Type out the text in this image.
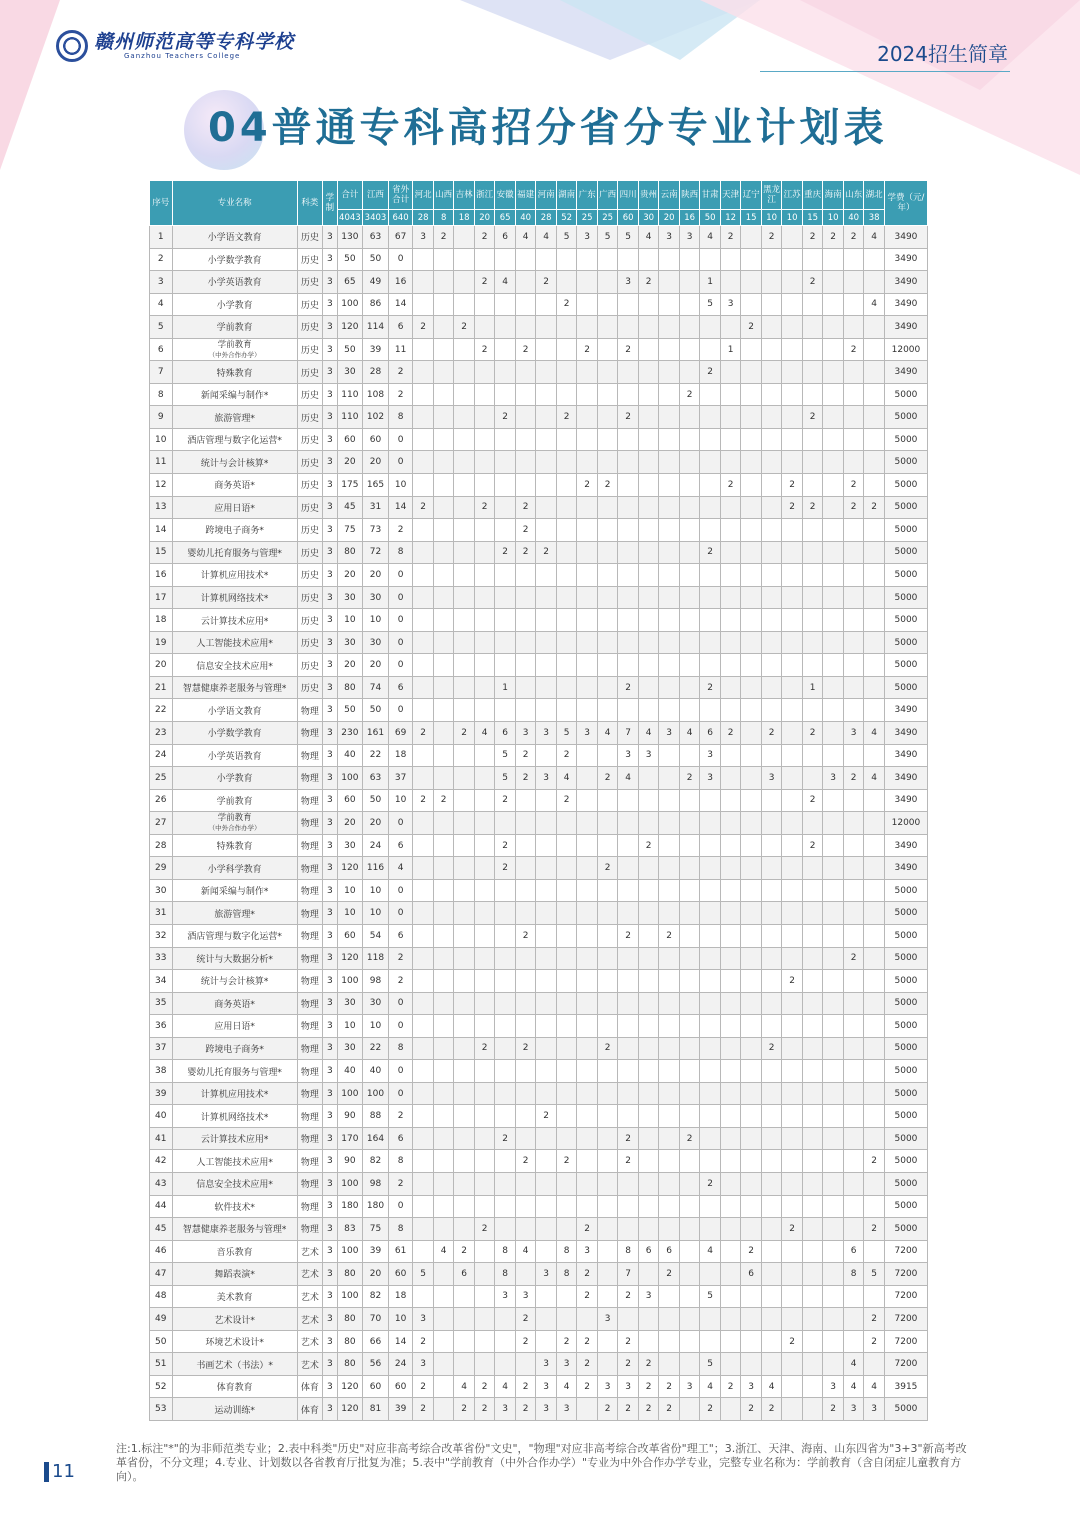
赣州师范高等专科学校
Ganzhou Teachers College	2024招生简章
04普通专科高招分省分专业计划表
序号	专业名称	科类	学制	合计	江西	省外合计	河北	山西	吉林	浙江	安徽	福建	河南	湖南	广东	广西	四川	贵州	云南	陕西	甘肃	天津	辽宁	黑龙江	江苏	重庆	海南	山东	湖北	学费（元/年）
				4043	3403	640	28	8	18	20	65	40	28	52	25	25	60	30	20	16	50	12	15	10	10	15	10	40	38	
1	小学语文教育	历史	3	130	63	67	3	2		2	6	4	4	5	3	5	5	4	3	3	4	2		2		2	2	2	4	3490
2	小学数学教育	历史	3	50	50	0																								3490
3	小学英语教育	历史	3	65	49	16				2	4		2				3	2			1					2				3490
4	小学教育	历史	3	100	86	14								2							5	3							4	3490
5	学前教育	历史	3	120	114	6	2		2														2							3490
6	学前教育
（中外合作办学）	历史	3	50	39	11				2		2			2		2					1						2		12000
7	特殊教育	历史	3	30	28	2															2									3490
8	新闻采编与制作*	历史	3	110	108	2														2										5000
9	旅游管理*	历史	3	110	102	8					2			2			2									2				5000
10	酒店管理与数字化运营*	历史	3	60	60	0																								5000
11	统计与会计核算*	历史	3	20	20	0																								5000
12	商务英语*	历史	3	175	165	10									2	2						2			2			2		5000
13	应用日语*	历史	3	45	31	14	2			2		2													2	2		2	2	5000
14	跨境电子商务*	历史	3	75	73	2						2																		5000
15	婴幼儿托育服务与管理*	历史	3	80	72	8					2	2	2								2									5000
16	计算机应用技术*	历史	3	20	20	0																								5000
17	计算机网络技术*	历史	3	30	30	0																								5000
18	云计算技术应用*	历史	3	10	10	0																								5000
19	人工智能技术应用*	历史	3	30	30	0																								5000
20	信息安全技术应用*	历史	3	20	20	0																								5000
21	智慧健康养老服务与管理*	历史	3	80	74	6					1						2				2					1				5000
22	小学语文教育	物理	3	50	50	0																								3490
23	小学数学教育	物理	3	230	161	69	2		2	4	6	3	3	5	3	4	7	4	3	4	6	2		2		2		3	4	3490
24	小学英语教育	物理	3	40	22	18					5	2		2			3	3			3									3490
25	小学教育	物理	3	100	63	37					5	2	3	4		2	4			2	3			3			3	2	4	3490
26	学前教育	物理	3	60	50	10	2	2			2			2												2				3490
27	学前教育
（中外合作办学）	物理	3	20	20	0																								12000
28	特殊教育	物理	3	30	24	6					2							2								2				3490
29	小学科学教育	物理	3	120	116	4					2					2														3490
30	新闻采编与制作*	物理	3	10	10	0																								5000
31	旅游管理*	物理	3	10	10	0																								5000
32	酒店管理与数字化运营*	物理	3	60	54	6						2					2		2											5000
33	统计与大数据分析*	物理	3	120	118	2																						2		5000
34	统计与会计核算*	物理	3	100	98	2																			2					5000
35	商务英语*	物理	3	30	30	0																								5000
36	应用日语*	物理	3	10	10	0																								5000
37	跨境电子商务*	物理	3	30	22	8				2		2				2								2						5000
38	婴幼儿托育服务与管理*	物理	3	40	40	0																								5000
39	计算机应用技术*	物理	3	100	100	0																								5000
40	计算机网络技术*	物理	3	90	88	2							2																	5000
41	云计算技术应用*	物理	3	170	164	6					2						2			2										5000
42	人工智能技术应用*	物理	3	90	82	8						2		2			2												2	5000
43	信息安全技术应用*	物理	3	100	98	2															2									5000
44	软件技术*	物理	3	180	180	0																								5000
45	智慧健康养老服务与管理*	物理	3	83	75	8				2					2										2				2	5000
46	音乐教育	艺术	3	100	39	61		4	2		8	4		8	3		8	6	6		4		2					6		7200
47	舞蹈表演*	艺术	3	80	20	60	5		6		8		3	8	2		7		2				6					8	5	7200
48	美术教育	艺术	3	100	82	18					3	3			2		2	3			5									7200
49	艺术设计*	艺术	3	80	70	10	3					2				3													2	7200
50	环境艺术设计*	艺术	3	80	66	14	2					2		2	2		2								2				2	7200
51	书画艺术（书法）*	艺术	3	80	56	24	3						3	3	2		2	2			5							4		7200
52	体育教育	体育	3	120	60	60	2		4	2	4	2	3	4	2	3	3	2	2	3	4	2	3	4			3	4	4	3915
53	运动训练*	体育	3	120	81	39	2		2	2	3	2	3	3		2	2	2	2		2		2	2			2	3	3	5000
11
注:1.标注"*"的为非师范类专业；2.表中科类"历史"对应非高考综合改革省份"文史"，"物理"对应非高考综合改革省份"理工"；3.浙江、天津、海南、山东四省为"3+3"新高考改革省份，不分文理；4.专业、计划数以各省教育厅批复为准；5.表中"学前教育（中外合作办学）"专业为中外合作办学专业，完整专业名称为：学前教育（含自闭症儿童教育方向）。
